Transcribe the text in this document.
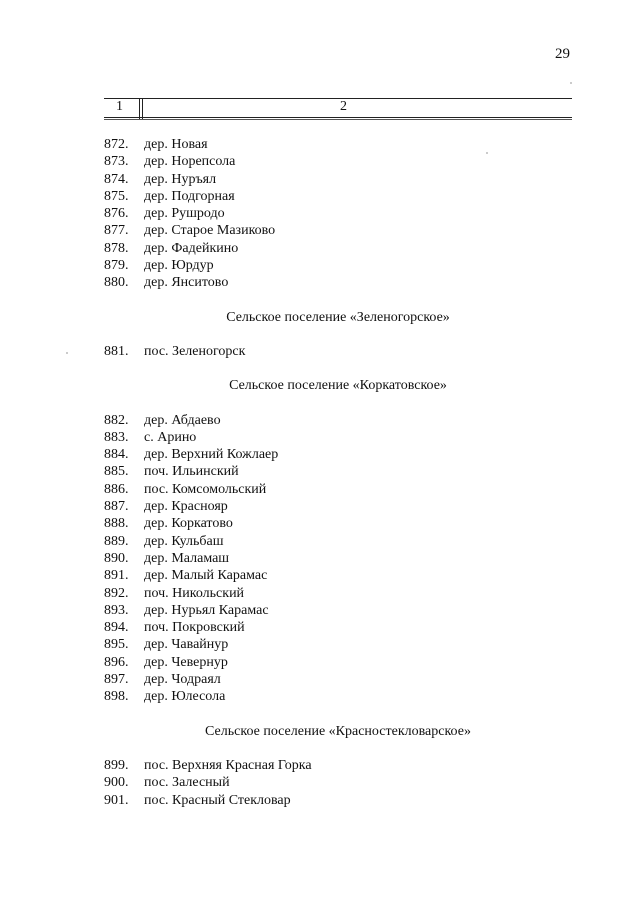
29
1	2
872. дер. Новая
873. дер. Норепсола
874. дер. Нуръял
875. дер. Подгорная
876. дер. Рушродо
877. дер. Старое Мазиково
878. дер. Фадейкино
879. дер. Юрдур
880. дер. Янситово
Сельское поселение «Зеленогорское»
881. пос. Зеленогорск
Сельское поселение «Коркатовское»
882. дер. Абдаево
883. с. Арино
884. дер. Верхний Кожлаер
885. поч. Ильинский
886. пос. Комсомольский
887. дер. Краснояр
888. дер. Коркатово
889. дер. Кульбаш
890. дер. Маламаш
891. дер. Малый Карамас
892. поч. Никольский
893. дер. Нурьял Карамас
894. поч. Покровский
895. дер. Чавайнур
896. дер. Чевернур
897. дер. Чодраял
898. дер. Юлесола
Сельское поселение «Красностекловарское»
899. пос. Верхняя Красная Горка
900. пос. Залесный
901. пос. Красный Стекловар
